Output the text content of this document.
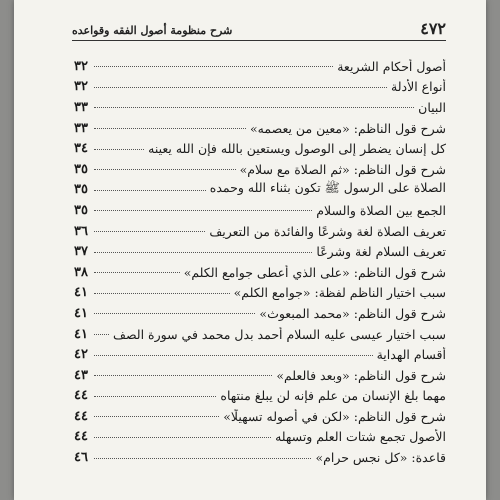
٤٧٢
شرح منظومة أصول الفقه وقواعده
أصول أحكام الشريعة
٣٢
أنواع الأدلة
٣٢
البيان
٣٣
شرح قول الناظم: «معين من يعصمه»
٣٣
كل إنسان يضطر إلى الوصول ويستعين بالله فإن الله يعينه
٣٤
شرح قول الناظم: «ثم الصلاة مع سلام»
٣٥
الصلاة على الرسول ﷺ تكون بثناء الله وحمده
٣٥
الجمع بين الصلاة والسلام
٣٥
تعريف الصلاة لغة وشرعًا والفائدة من التعريف
٣٦
تعريف السلام لغة وشرعًا
٣٧
شرح قول الناظم: «على الذي أعطى جوامع الكلم»
٣٨
سبب اختيار الناظم لفظة: «جوامع الكلم»
٤١
شرح قول الناظم: «محمد المبعوث»
٤١
سبب اختيار عيسى عليه السلام أحمد بدل محمد في سورة الصف
٤١
أقسام الهداية
٤٢
شرح قول الناظم: «وبعد فالعلم»
٤٣
مهما بلغ الإنسان من علم فإنه لن يبلغ منتهاه
٤٤
شرح قول الناظم: «لكن في أصوله تسهيلًا»
٤٤
الأصول تجمع شتات العلم وتسهله
٤٤
قاعدة: «كل نجس حرام»
٤٦
